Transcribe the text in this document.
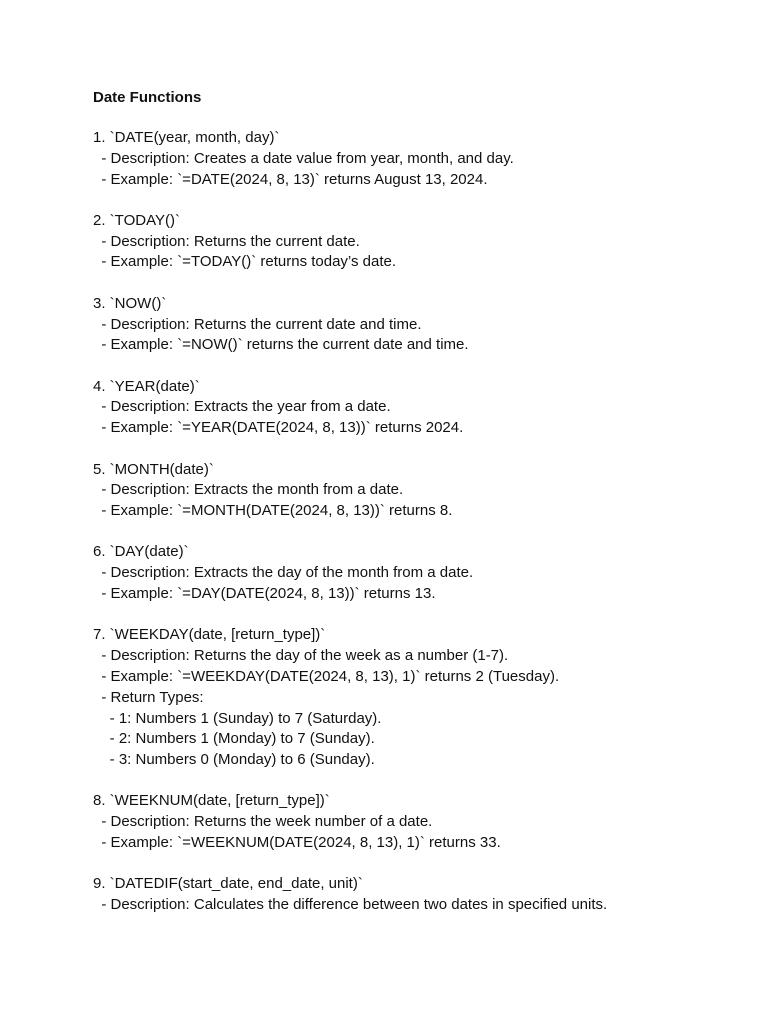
Date Functions
1. `DATE(year, month, day)`
- Description: Creates a date value from year, month, and day.
- Example: `=DATE(2024, 8, 13)` returns August 13, 2024.
2. `TODAY()`
- Description: Returns the current date.
- Example: `=TODAY()` returns today’s date.
3. `NOW()`
- Description: Returns the current date and time.
- Example: `=NOW()` returns the current date and time.
4. `YEAR(date)`
- Description: Extracts the year from a date.
- Example: `=YEAR(DATE(2024, 8, 13))` returns 2024.
5. `MONTH(date)`
- Description: Extracts the month from a date.
- Example: `=MONTH(DATE(2024, 8, 13))` returns 8.
6. `DAY(date)`
- Description: Extracts the day of the month from a date.
- Example: `=DAY(DATE(2024, 8, 13))` returns 13.
7. `WEEKDAY(date, [return_type])`
- Description: Returns the day of the week as a number (1-7).
- Example: `=WEEKDAY(DATE(2024, 8, 13), 1)` returns 2 (Tuesday).
- Return Types:
- 1: Numbers 1 (Sunday) to 7 (Saturday).
- 2: Numbers 1 (Monday) to 7 (Sunday).
- 3: Numbers 0 (Monday) to 6 (Sunday).
8. `WEEKNUM(date, [return_type])`
- Description: Returns the week number of a date.
- Example: `=WEEKNUM(DATE(2024, 8, 13), 1)` returns 33.
9. `DATEDIF(start_date, end_date, unit)`
- Description: Calculates the difference between two dates in specified units.
